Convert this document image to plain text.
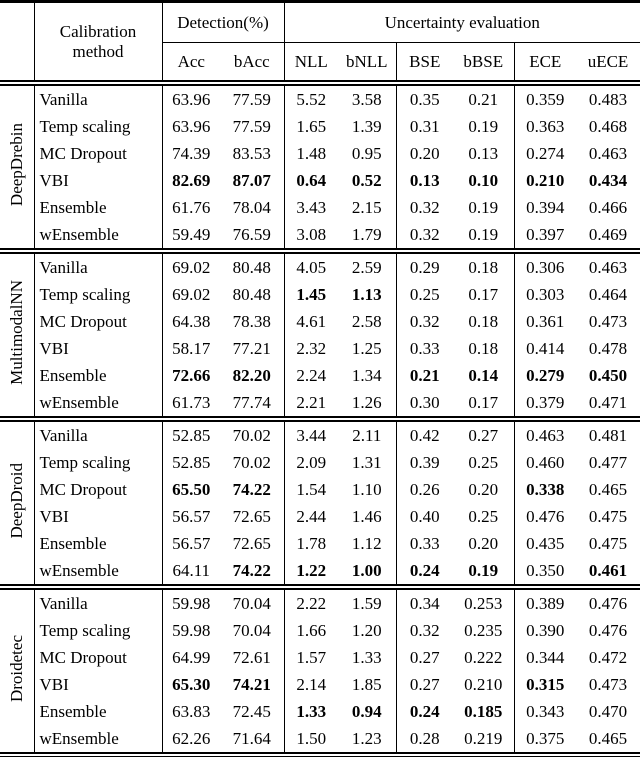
	Calibration method	Detection(%)		Uncertainty evaluation					
		Acc	bAcc	NLL	bNLL	BSE	bBSE	ECE	uECE
DeepDrebin	Vanilla	63.96	77.59	5.52	3.58	0.35	0.21	0.359	0.483
	Temp scaling	63.96	77.59	1.65	1.39	0.31	0.19	0.363	0.468
	MC Dropout	74.39	83.53	1.48	0.95	0.20	0.13	0.274	0.463
	VBI	82.69	87.07	0.64	0.52	0.13	0.10	0.210	0.434
	Ensemble	61.76	78.04	3.43	2.15	0.32	0.19	0.394	0.466
	wEnsemble	59.49	76.59	3.08	1.79	0.32	0.19	0.397	0.469
MultimodalNN	Vanilla	69.02	80.48	4.05	2.59	0.29	0.18	0.306	0.463
	Temp scaling	69.02	80.48	1.45	1.13	0.25	0.17	0.303	0.464
	MC Dropout	64.38	78.38	4.61	2.58	0.32	0.18	0.361	0.473
	VBI	58.17	77.21	2.32	1.25	0.33	0.18	0.414	0.478
	Ensemble	72.66	82.20	2.24	1.34	0.21	0.14	0.279	0.450
	wEnsemble	61.73	77.74	2.21	1.26	0.30	0.17	0.379	0.471
DeepDroid	Vanilla	52.85	70.02	3.44	2.11	0.42	0.27	0.463	0.481
	Temp scaling	52.85	70.02	2.09	1.31	0.39	0.25	0.460	0.477
	MC Dropout	65.50	74.22	1.54	1.10	0.26	0.20	0.338	0.465
	VBI	56.57	72.65	2.44	1.46	0.40	0.25	0.476	0.475
	Ensemble	56.57	72.65	1.78	1.12	0.33	0.20	0.435	0.475
	wEnsemble	64.11	74.22	1.22	1.00	0.24	0.19	0.350	0.461
Droidetec	Vanilla	59.98	70.04	2.22	1.59	0.34	0.253	0.389	0.476
	Temp scaling	59.98	70.04	1.66	1.20	0.32	0.235	0.390	0.476
	MC Dropout	64.99	72.61	1.57	1.33	0.27	0.222	0.344	0.472
	VBI	65.30	74.21	2.14	1.85	0.27	0.210	0.315	0.473
	Ensemble	63.83	72.45	1.33	0.94	0.24	0.185	0.343	0.470
	wEnsemble	62.26	71.64	1.50	1.23	0.28	0.219	0.375	0.465
